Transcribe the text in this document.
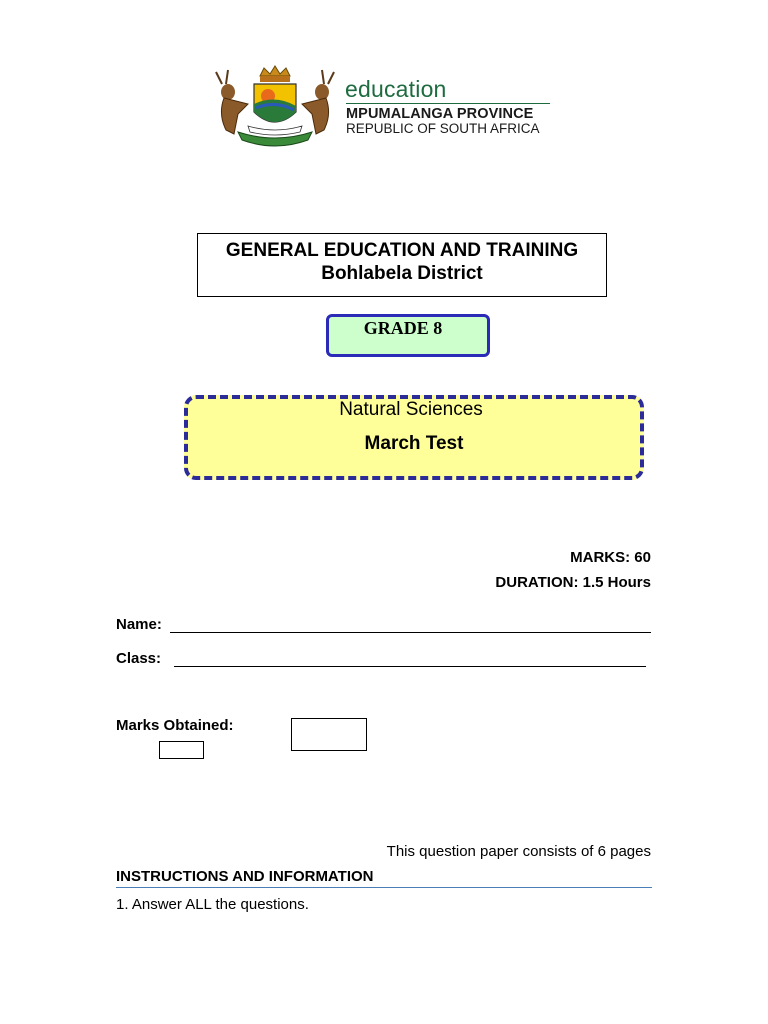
education
MPUMALANGA PROVINCE
REPUBLIC OF SOUTH AFRICA
GENERAL EDUCATION AND TRAINING
Bohlabela District
GRADE 8
Natural Sciences
March Test
MARKS: 60
DURATION: 1.5 Hours
Name:
Class:
Marks Obtained:
This question paper consists of 6 pages
INSTRUCTIONS AND INFORMATION
1. Answer ALL the questions.
